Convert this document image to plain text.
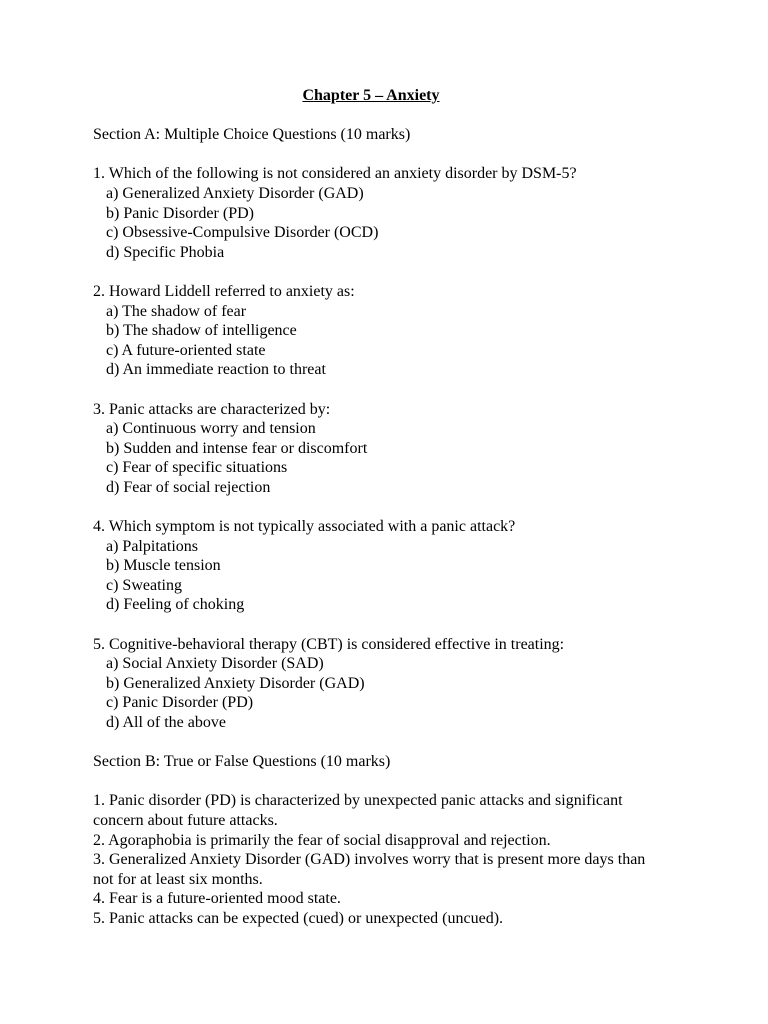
Chapter 5 – Anxiety
Section A: Multiple Choice Questions (10 marks)
1. Which of the following is not considered an anxiety disorder by DSM-5?
a) Generalized Anxiety Disorder (GAD)
b) Panic Disorder (PD)
c) Obsessive-Compulsive Disorder (OCD)
d) Specific Phobia
2. Howard Liddell referred to anxiety as:
a) The shadow of fear
b) The shadow of intelligence
c) A future-oriented state
d) An immediate reaction to threat
3. Panic attacks are characterized by:
a) Continuous worry and tension
b) Sudden and intense fear or discomfort
c) Fear of specific situations
d) Fear of social rejection
4. Which symptom is not typically associated with a panic attack?
a) Palpitations
b) Muscle tension
c) Sweating
d) Feeling of choking
5. Cognitive-behavioral therapy (CBT) is considered effective in treating:
a) Social Anxiety Disorder (SAD)
b) Generalized Anxiety Disorder (GAD)
c) Panic Disorder (PD)
d) All of the above
Section B: True or False Questions (10 marks)
1. Panic disorder (PD) is characterized by unexpected panic attacks and significant concern about future attacks.
2. Agoraphobia is primarily the fear of social disapproval and rejection.
3. Generalized Anxiety Disorder (GAD) involves worry that is present more days than not for at least six months.
4. Fear is a future-oriented mood state.
5. Panic attacks can be expected (cued) or unexpected (uncued).
